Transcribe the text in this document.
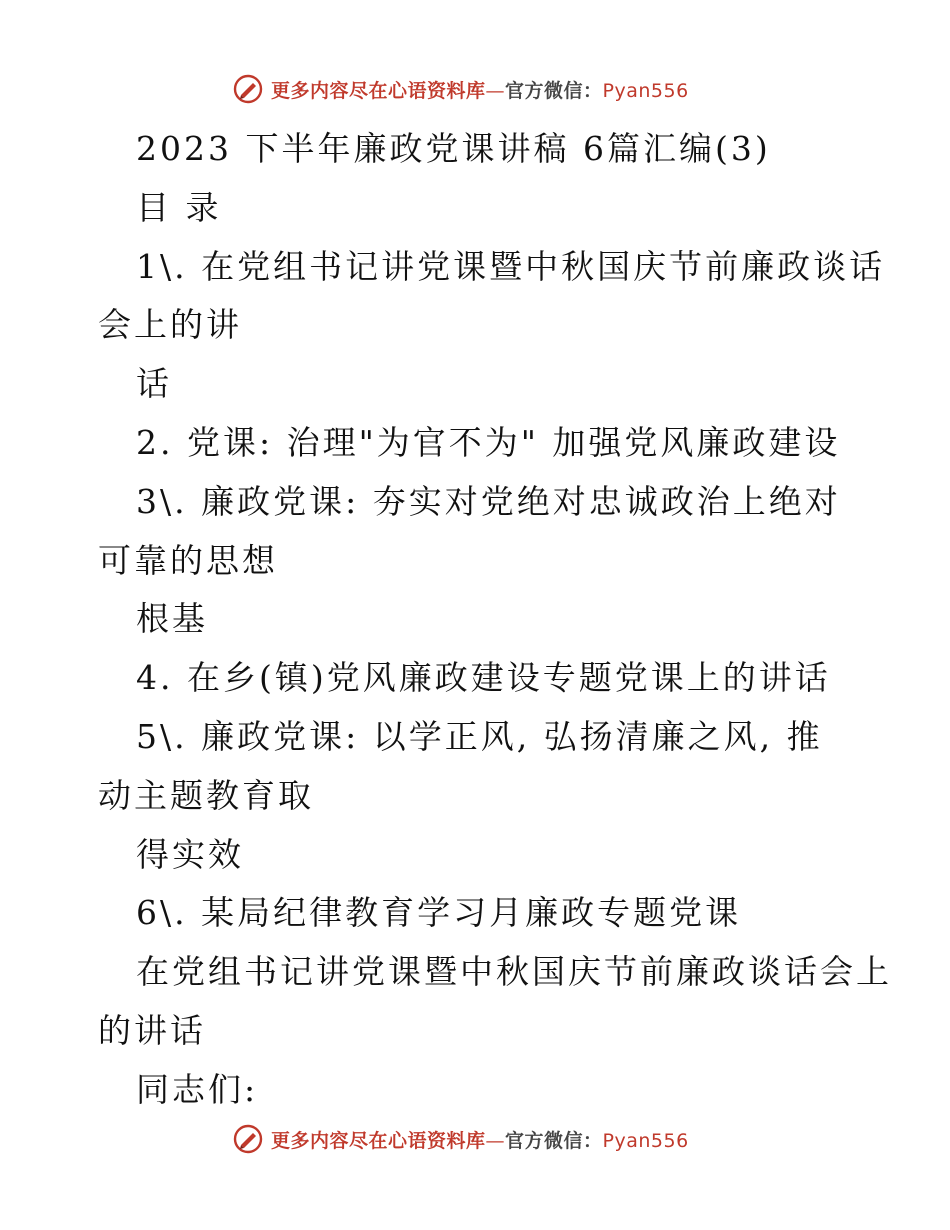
更多内容尽在心语资料库—官方微信：Pyan556
2023 下半年廉政党课讲稿 6篇汇编(3)
目 录
1\. 在党组书记讲党课暨中秋国庆节前廉政谈话
会上的讲
话
2. 党课: 治理"为官不为" 加强党风廉政建设
3\. 廉政党课: 夯实对党绝对忠诚政治上绝对
可靠的思想
根基
4. 在乡(镇)党风廉政建设专题党课上的讲话
5\. 廉政党课: 以学正风, 弘扬清廉之风, 推
动主题教育取
得实效
6\. 某局纪律教育学习月廉政专题党课
在党组书记讲党课暨中秋国庆节前廉政谈话会上
的讲话
同志们:
更多内容尽在心语资料库—官方微信：Pyan556
